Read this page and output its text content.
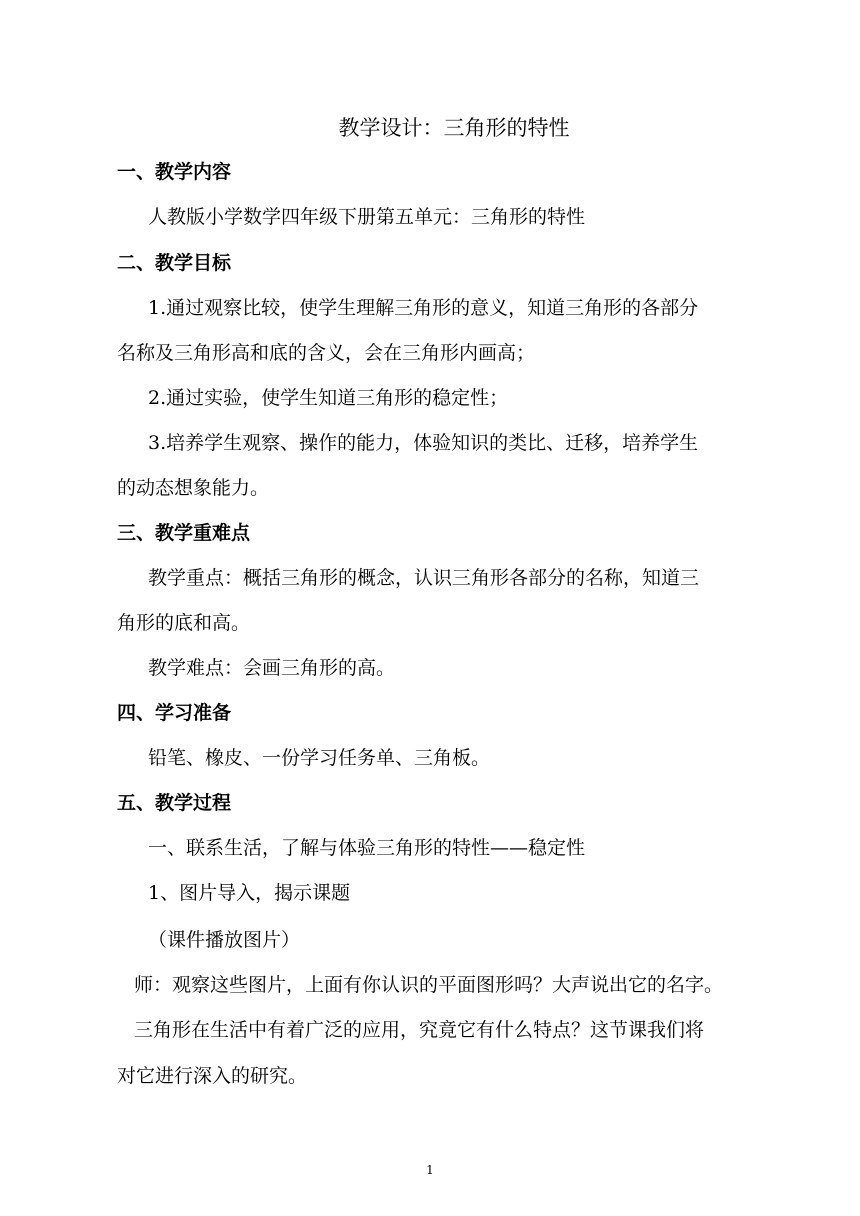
教学设计：三角形的特性
一、教学内容
人教版小学数学四年级下册第五单元：三角形的特性
二、教学目标
1.通过观察比较，使学生理解三角形的意义，知道三角形的各部分
名称及三角形高和底的含义，会在三角形内画高；
2.通过实验，使学生知道三角形的稳定性；
3.培养学生观察、操作的能力，体验知识的类比、迁移，培养学生
的动态想象能力。
三、教学重难点
教学重点：概括三角形的概念，认识三角形各部分的名称，知道三
角形的底和高。
教学难点：会画三角形的高。
四、学习准备
铅笔、橡皮、一份学习任务单、三角板。
五、教学过程
一、联系生活，了解与体验三角形的特性——稳定性
1、图片导入，揭示课题
（课件播放图片）
师：观察这些图片，上面有你认识的平面图形吗？大声说出它的名字。
三角形在生活中有着广泛的应用，究竟它有什么特点？这节课我们将
对它进行深入的研究。
1
